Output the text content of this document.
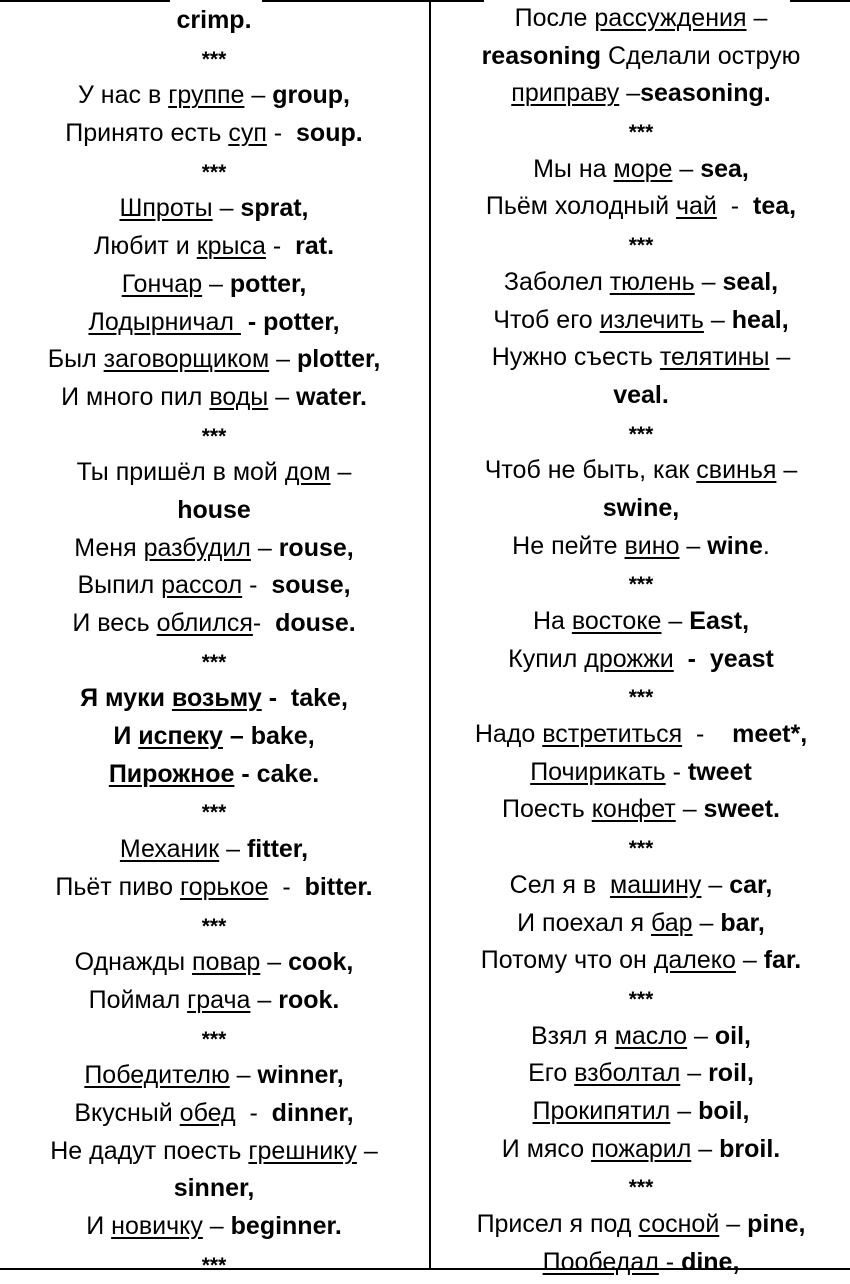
crimp.
***
У нас в группе – group,
Принято есть суп -  soup.
***
Шпроты – sprat,
Любит и крыса -  rat.
Гончар – potter,
Лодырничал  - potter,
Был заговорщиком – plotter,
И много пил воды – water.
***
Ты пришёл в мой дом –
house
Меня разбудил – rouse,
Выпил рассол -  souse,
И весь облился-  douse.
***
Я муки возьму -  take,
И испеку – bake,
Пирожное - cake.
***
Механик – fitter,
Пьёт пиво горькое  -  bitter.
***
Однажды повар – cook,
Поймал грача – rook.
***
Победителю – winner,
Вкусный обед  -  dinner,
Не дадут поесть грешнику –
sinner,
И новичку – beginner.
***
После рассуждения –
reasoning Сделали острую
приправу –seasoning.
***
Мы на море – sea,
Пьём холодный чай  -  tea,
***
Заболел тюлень – seal,
Чтоб его излечить – heal,
Нужно съесть телятины –
veal.
***
Чтоб не быть, как свинья –
swine,
Не пейте вино – wine.
***
На востоке – East,
Купил дрожжи  -  yeast
***
Надо встретиться  -    meet*,
Почирикать - tweet
Поесть конфет – sweet.
***
Сел я в  машину – car,
И поехал я бар – bar,
Потому что он далеко – far.
***
Взял я масло – oil,
Его взболтал – roil,
Прокипятил – boil,
И мясо пожарил – broil.
***
Присел я под сосной – pine,
Пообедал - dine,
